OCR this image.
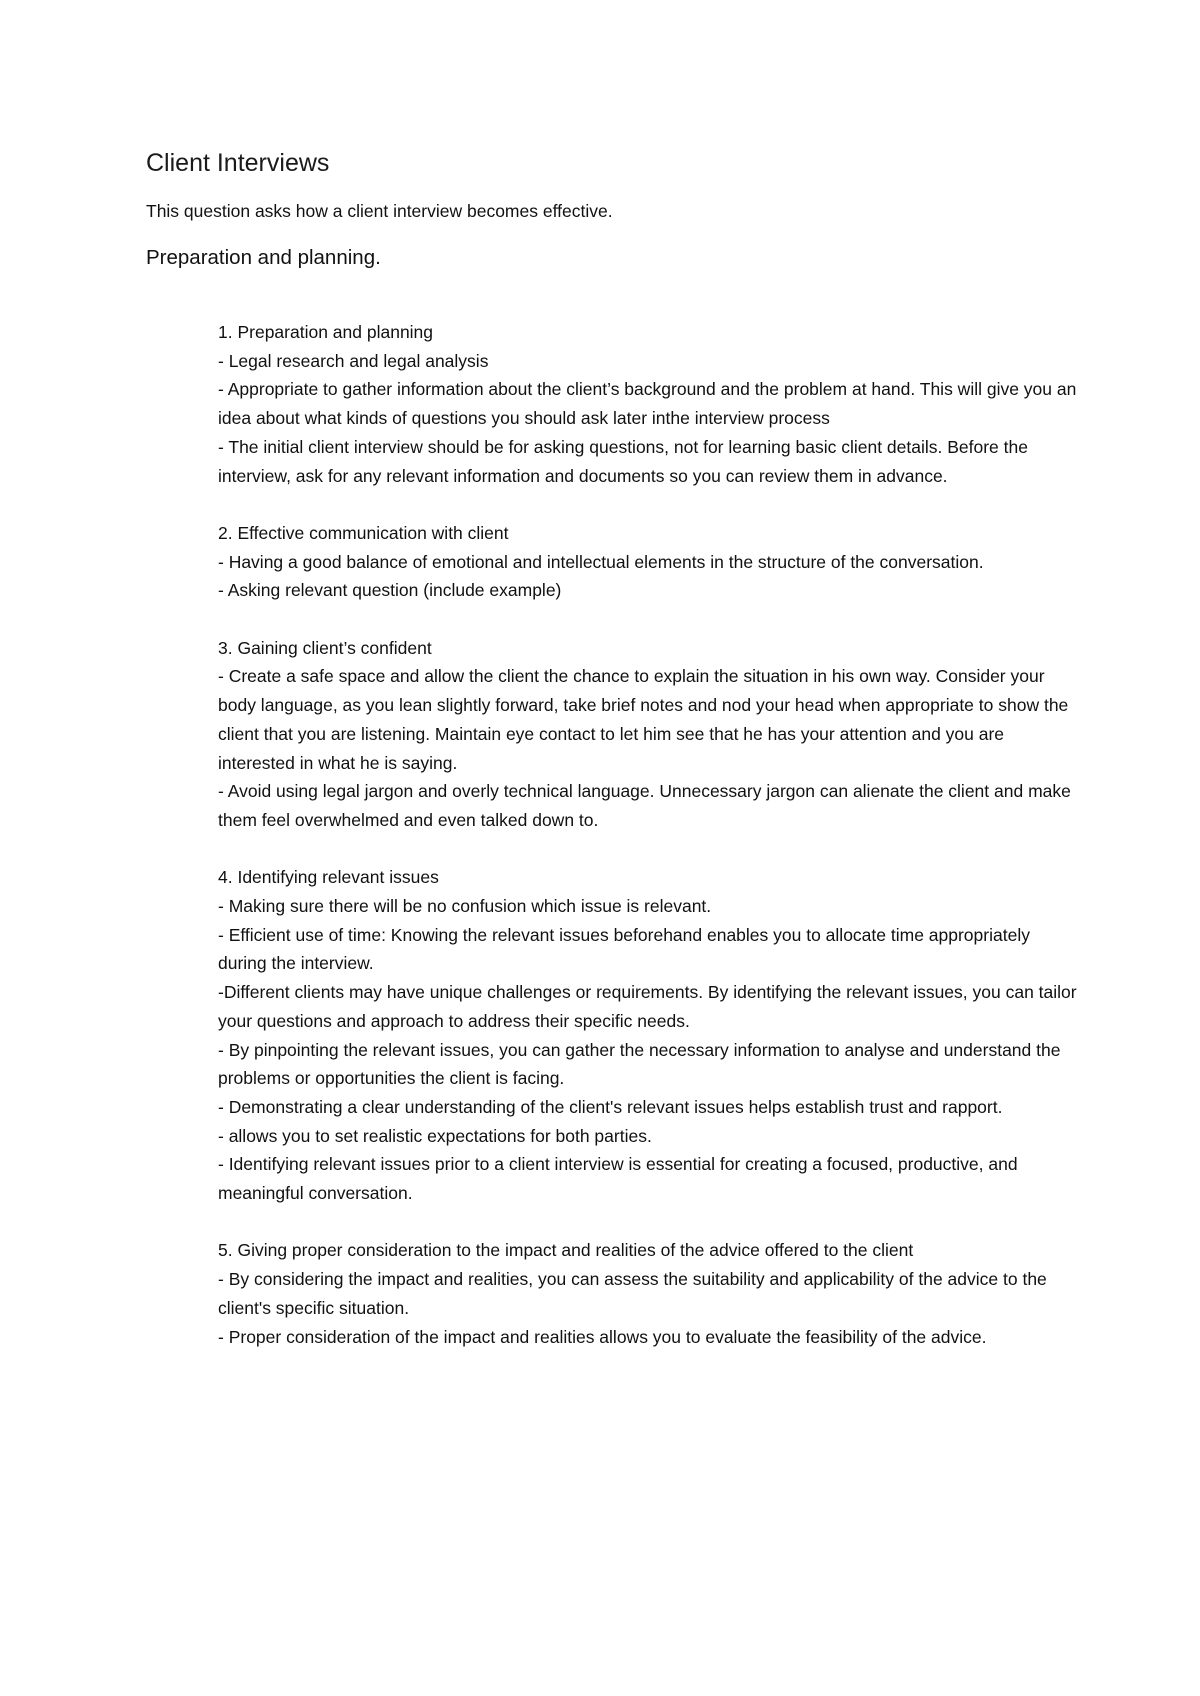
Client Interviews

This question asks how a client interview becomes effective.

Preparation and planning.

1. Preparation and planning

- Legal research and legal analysis

- Appropriate to gather information about the client’s background and the problem at hand. This will give you an idea about what kinds of questions you should ask later inthe interview process

- The initial client interview should be for asking questions, not for learning basic client details. Before the interview, ask for any relevant information and documents so you can review them in advance.

2. Effective communication with client

- Having a good balance of emotional and intellectual elements in the structure of the conversation.

- Asking relevant question (include example)

3. Gaining client’s confident

- Create a safe space and allow the client the chance to explain the situation in his own way. Consider your body language, as you lean slightly forward, take brief notes and nod your head when appropriate to show the client that you are listening. Maintain eye contact to let him see that he has your attention and you are interested in what he is saying.

- Avoid using legal jargon and overly technical language. Unnecessary jargon can alienate the client and make them feel overwhelmed and even talked down to.

4. Identifying relevant issues

- Making sure there will be no confusion which issue is relevant.

- Efficient use of time: Knowing the relevant issues beforehand enables you to allocate time appropriately during the interview.

-Different clients may have unique challenges or requirements. By identifying the relevant issues, you can tailor your questions and approach to address their specific needs.

- By pinpointing the relevant issues, you can gather the necessary information to analyse and understand the problems or opportunities the client is facing.

- Demonstrating a clear understanding of the client's relevant issues helps establish trust and rapport.

- allows you to set realistic expectations for both parties.

- Identifying relevant issues prior to a client interview is essential for creating a focused, productive, and meaningful conversation.

5. Giving proper consideration to the impact and realities of the advice offered to the client

- By considering the impact and realities, you can assess the suitability and applicability of the advice to the client's specific situation.

- Proper consideration of the impact and realities allows you to evaluate the feasibility of the advice.
